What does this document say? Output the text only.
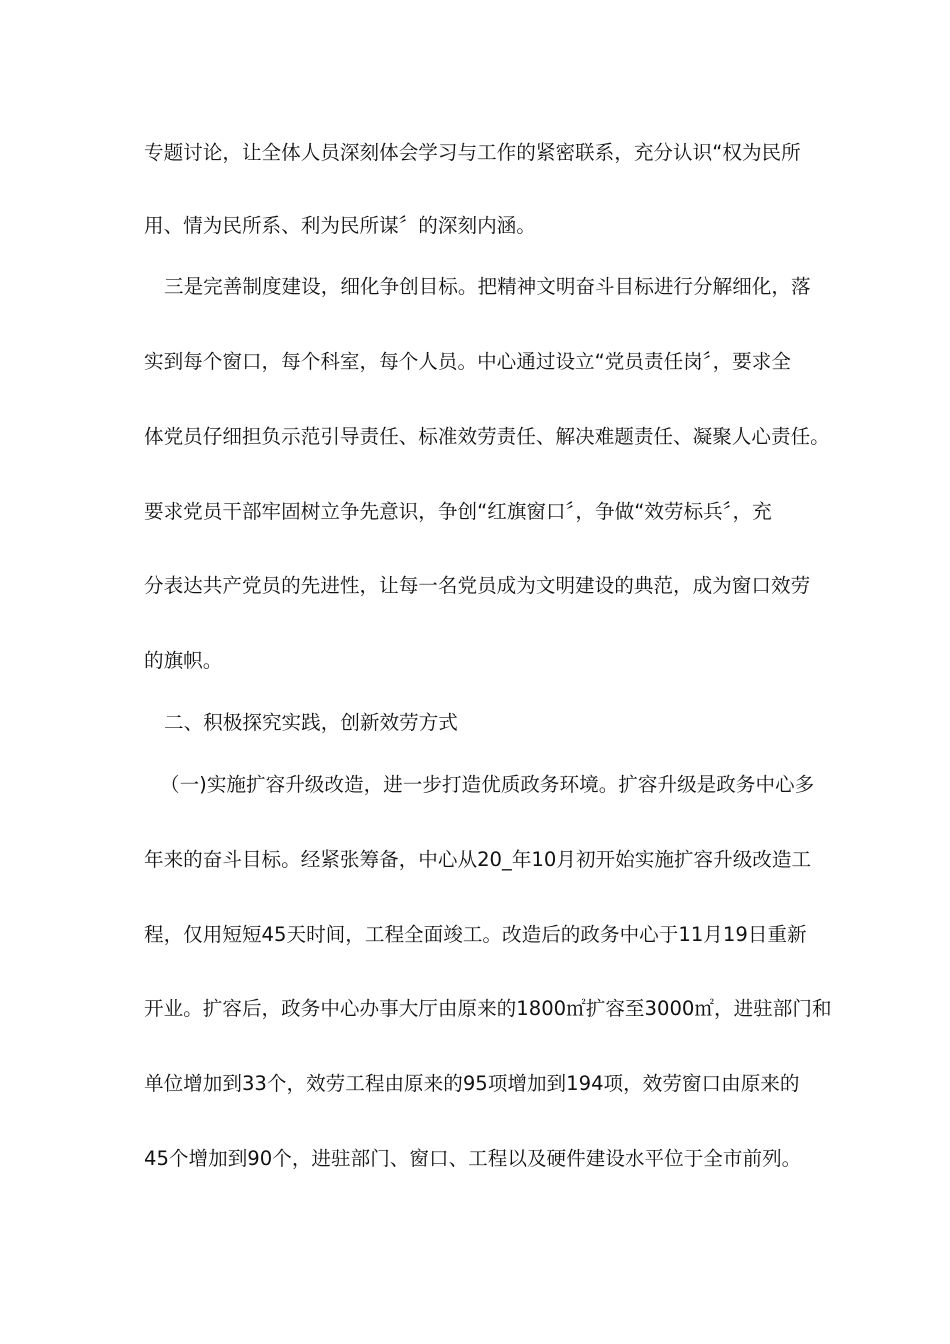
专题讨论，让全体人员深刻体会学习与工作的紧密联系，充分认识“权为民所
用、情为民所系、利为民所谋〞的深刻内涵。
三是完善制度建设，细化争创目标。把精神文明奋斗目标进行分解细化，落
实到每个窗口，每个科室，每个人员。中心通过设立“党员责任岗〞，要求全
体党员仔细担负示范引导责任、标准效劳责任、解决难题责任、凝聚人心责任。
要求党员干部牢固树立争先意识，争创“红旗窗口〞，争做“效劳标兵〞，充
分表达共产党员的先进性，让每一名党员成为文明建设的典范，成为窗口效劳
的旗帜。
二、积极探究实践，创新效劳方式
（一)实施扩容升级改造，进一步打造优质政务环境。扩容升级是政务中心多
年来的奋斗目标。经紧张筹备，中心从20_年10月初开始实施扩容升级改造工
程，仅用短短45天时间，工程全面竣工。改造后的政务中心于11月19日重新
开业。扩容后，政务中心办事大厅由原来的1800㎡扩容至3000㎡，进驻部门和
单位增加到33个，效劳工程由原来的95项增加到194项，效劳窗口由原来的
45个增加到90个，进驻部门、窗口、工程以及硬件建设水平位于全市前列。
